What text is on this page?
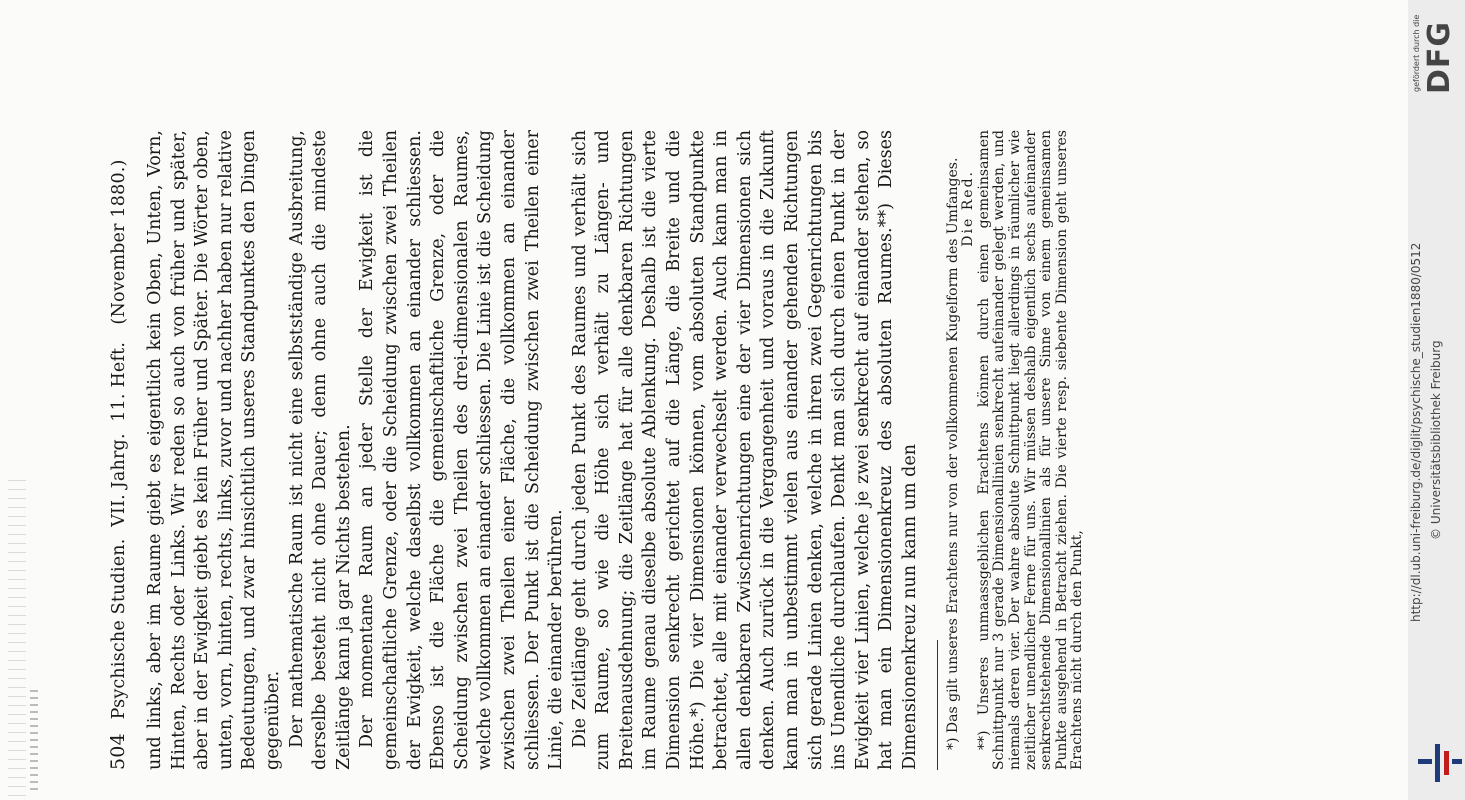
504 Psychische Studien.  VII. Jahrg.  11. Heft.   (November 1880.) und links, aber im Raume giebt es eigentlich kein Oben, Unten, Vorn, Hinten, Rechts oder Links. Wir reden so auch von früher und später, aber in der Ewigkeit giebt es kein Früher und Später. Die Wörter oben, unten, vorn, hinten, rechts, links, zuvor und nachher haben nur relative Bedeutungen, und zwar hinsichtlich unseres Standpunktes den Dingen gegenüber. Der mathematische Raum ist nicht eine selbstständige Ausbreitung, derselbe besteht nicht ohne Dauer; denn ohne auch die mindeste Zeitlänge kann ja gar Nichts bestehen. Der momentane Raum an jeder Stelle der Ewigkeit ist die gemeinschaftliche Grenze, oder die Scheidung zwischen zwei Theilen der Ewigkeit, welche daselbst vollkommen an einander schliessen. Ebenso ist die Fläche die gemeinschaftliche Grenze, oder die Scheidung zwischen zwei Theilen des drei-dimensionalen Raumes, welche vollkommen an einander schliessen. Die Linie ist die Scheidung zwischen zwei Theilen einer Fläche, die vollkommen an einander schliessen. Der Punkt ist die Scheidung zwischen zwei Theilen einer Linie, die einander berühren. Die Zeitlänge geht durch jeden Punkt des Raumes und verhält sich zum Raume, so wie die Höhe sich verhält zu Längen- und Breitenausdehnung; die Zeitlänge hat für alle denkbaren Richtungen im Raume genau dieselbe absolute Ablenkung. Deshalb ist die vierte Dimension senkrecht gerichtet auf die Länge, die Breite und die Höhe.*) Die vier Dimensionen können, vom absoluten Standpunkte betrachtet, alle mit einander verwechselt werden. Auch kann man in allen denkbaren Zwischenrichtungen eine der vier Dimensionen sich denken. Auch zurück in die Vergangenheit und voraus in die Zukunft kann man in unbestimmt vielen aus einander gehenden Richtungen sich gerade Linien denken, welche in ihren zwei Gegenrichtungen bis ins Unendliche durchlaufen. Denkt man sich durch einen Punkt in der Ewigkeit vier Linien, welche je zwei senkrecht auf einander stehen, so hat man ein Dimensionenkreuz des absoluten Raumes.**) Dieses Dimensionenkreuz nun kann um den *) Das gilt unseres Erachtens nur von der vollkommenen Kugelform des Umfanges. Die Red. **) Unseres unmaassgeblichen Erachtens können durch einen gemeinsamen Schnittpunkt nur 3 gerade Dimensionallinien senkrecht aufeinander gelegt werden, und niemals deren vier. Der wahre absolute Schnittpunkt liegt allerdings in räumlicher wie zeitlicher unendlicher Ferne für uns. Wir müssen deshalb eigentlich sechs aufeinander senkrechtstehende Dimensionallinien als für unsere Sinne von einem gemeinsamen Punkte ausgehend in Betracht ziehen. Die vierte resp. siebente Dimension geht unseres Erachtens nicht durch den Punkt,

http://dl.ub.uni-freiburg.de/diglit/psychische_studien1880/0512 © Universitätsbibliothek Freiburg
gefördert durch die DFG
